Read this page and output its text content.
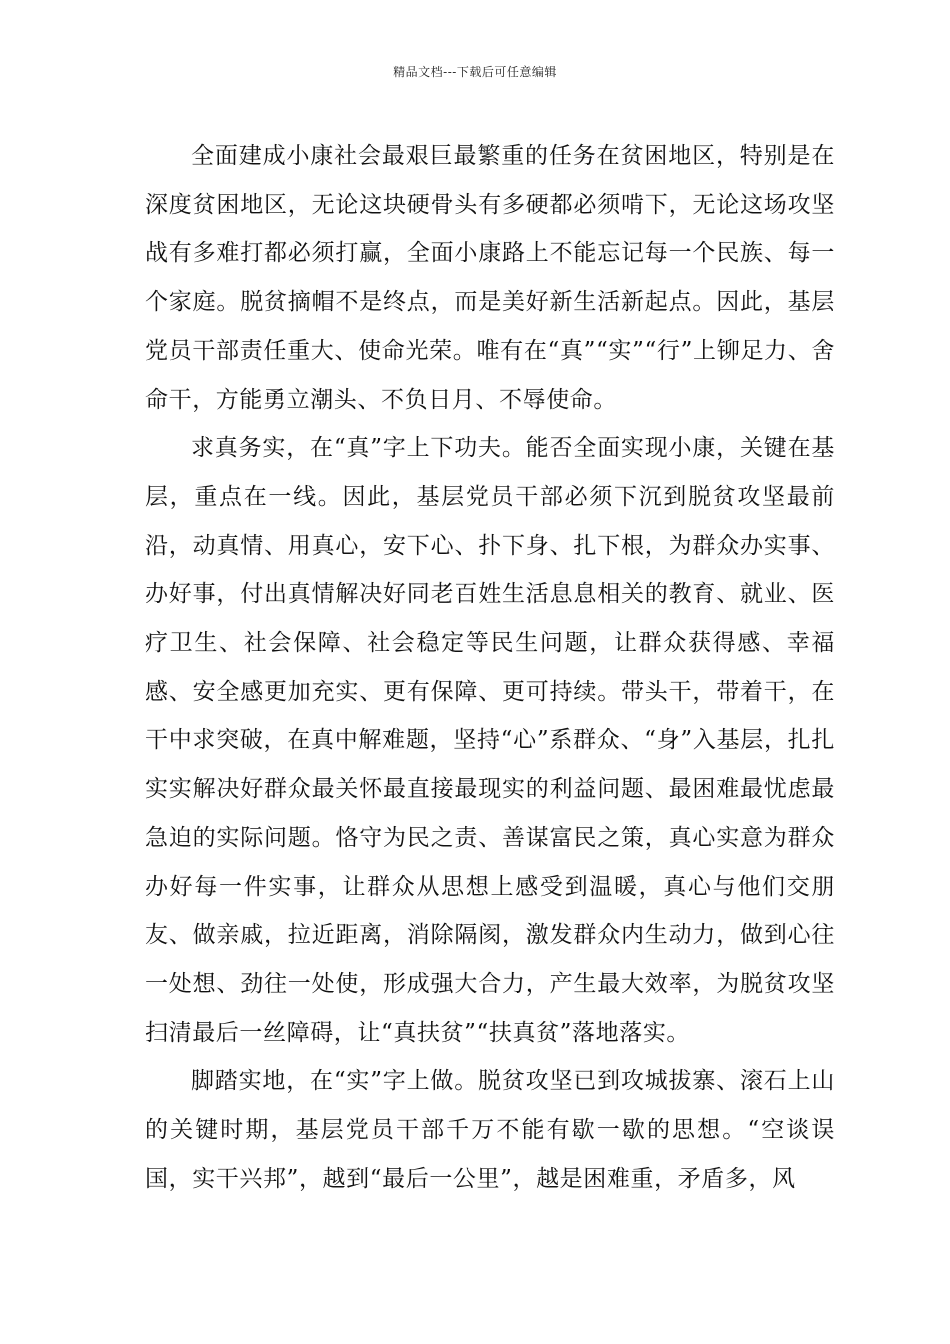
精品文档---下载后可任意编辑

全面建成小康社会最艰巨最繁重的任务在贫困地区，特别是在深度贫困地区，无论这块硬骨头有多硬都必须啃下，无论这场攻坚战有多难打都必须打赢，全面小康路上不能忘记每一个民族、每一个家庭。脱贫摘帽不是终点，而是美好新生活新起点。因此，基层党员干部责任重大、使命光荣。唯有在“真”“实”“行”上铆足力、舍命干，方能勇立潮头、不负日月、不辱使命。

求真务实，在“真”字上下功夫。能否全面实现小康，关键在基层，重点在一线。因此，基层党员干部必须下沉到脱贫攻坚最前沿，动真情、用真心，安下心、扑下身、扎下根，为群众办实事、办好事，付出真情解决好同老百姓生活息息相关的教育、就业、医疗卫生、社会保障、社会稳定等民生问题，让群众获得感、幸福感、安全感更加充实、更有保障、更可持续。带头干，带着干，在干中求突破，在真中解难题，坚持“心”系群众、“身”入基层，扎扎实实解决好群众最关怀最直接最现实的利益问题、最困难最忧虑最急迫的实际问题。恪守为民之责、善谋富民之策，真心实意为群众办好每一件实事，让群众从思想上感受到温暖，真心与他们交朋友、做亲戚，拉近距离，消除隔阂，激发群众内生动力，做到心往一处想、劲往一处使，形成强大合力，产生最大效率，为脱贫攻坚扫清最后一丝障碍，让“真扶贫”“扶真贫”落地落实。

脚踏实地，在“实”字上做。脱贫攻坚已到攻城拔寨、滚石上山的关键时期，基层党员干部千万不能有歇一歇的思想。“空谈误国，实干兴邦”，越到“最后一公里”，越是困难重，矛盾多，风
